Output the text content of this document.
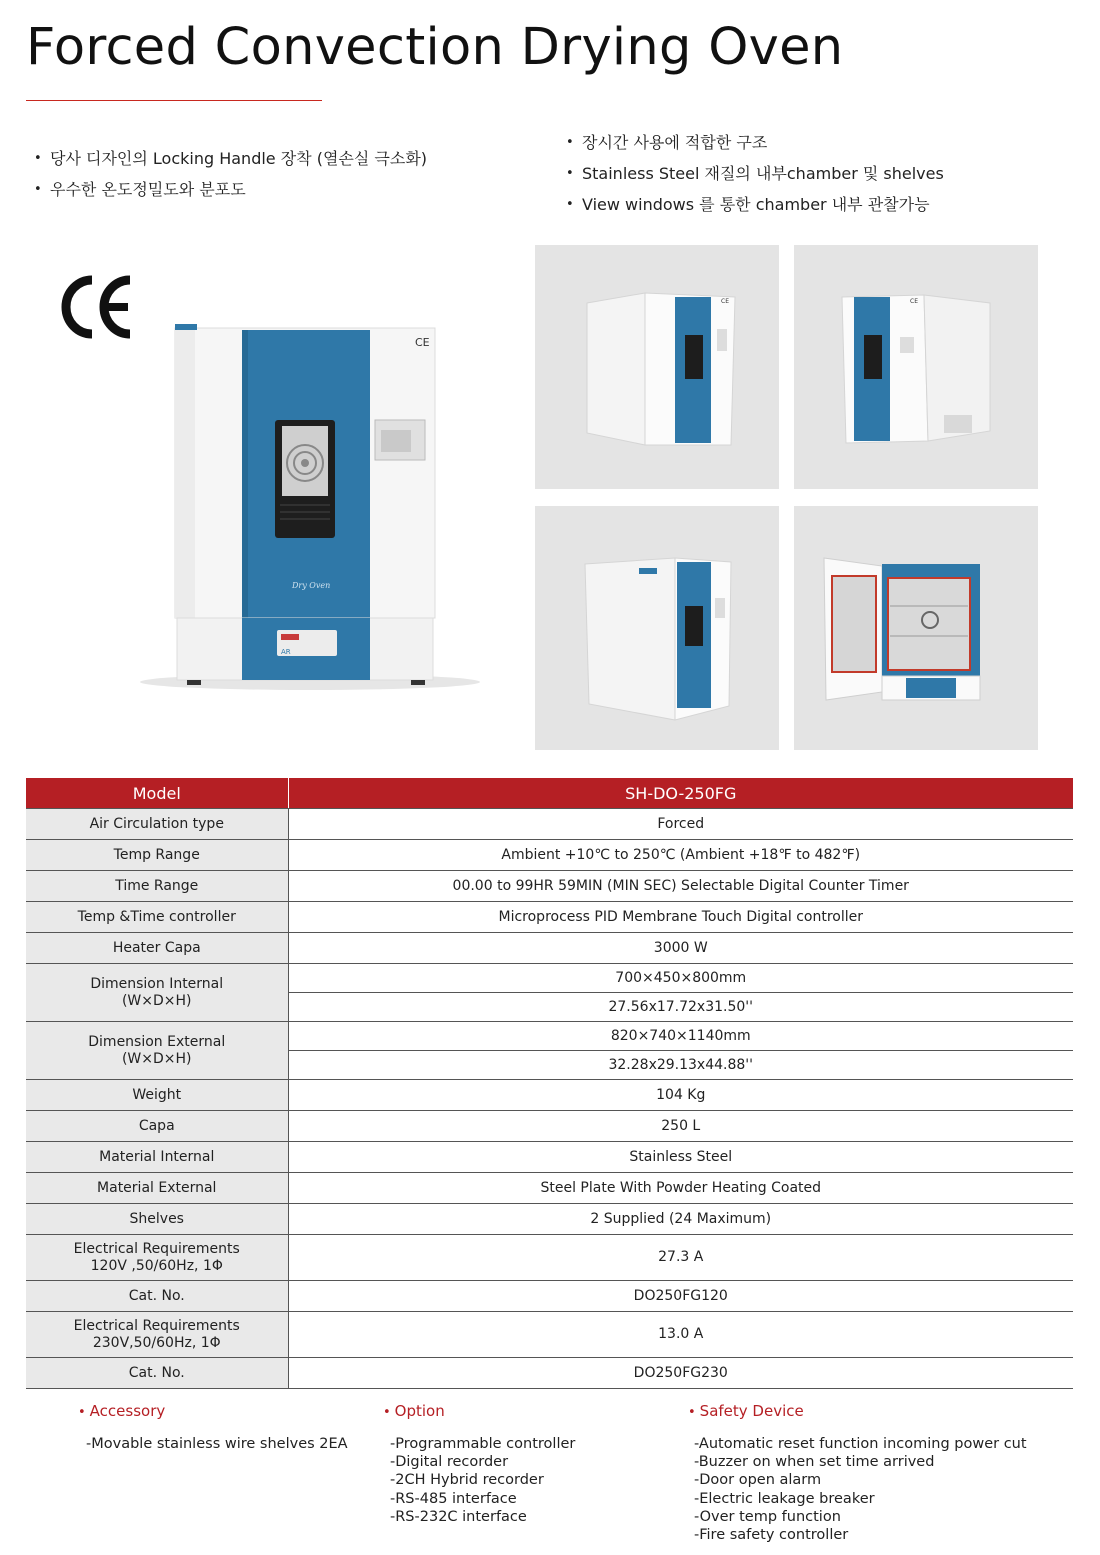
Forced Convection Drying Oven
• 당사 디자인의 Locking Handle 장착 (열손실 극소화)
• 우수한 온도정밀도와 분포도
• 장시간 사용에 적합한 구조
• Stainless Steel 재질의 내부chamber 및 shelves
• View windows 를 통한 chamber 내부 관찰가능
CE
Dry Oven
AR
CE	CE
Model	SH-DO-250FG
Air Circulation type	Forced
Temp Range	Ambient +10℃ to 250℃ (Ambient +18℉ to 482℉)
Time Range	00.00 to 99HR 59MIN (MIN SEC) Selectable Digital Counter Timer
Temp &Time controller	Microprocess PID Membrane Touch Digital controller
Heater Capa	3000 W

Dimension Internal
(W×D×H)	700×450×800mm
	27.56x17.72x31.50''

Dimension External
(W×D×H)	820×740×1140mm
	32.28x29.13x44.88''
Weight	104 Kg
Capa	250 L
Material Internal	Stainless Steel
Material External	Steel Plate With Powder Heating Coated
Shelves	2 Supplied (24 Maximum)

Electrical Requirements
120V ,50/60Hz, 1Φ	27.3 A
Cat. No.	DO250FG120

Electrical Requirements
230V,50/60Hz, 1Φ	13.0 A
Cat. No.	DO250FG230
• Accessory
-Movable stainless wire shelves 2EA
• Option
-Programmable controller
-Digital recorder
-2CH Hybrid recorder
-RS-485 interface
-RS-232C interface
• Safety Device
-Automatic reset function incoming power cut
-Buzzer on when set time arrived
-Door open alarm
-Electric leakage breaker
-Over temp function
-Fire safety controller
